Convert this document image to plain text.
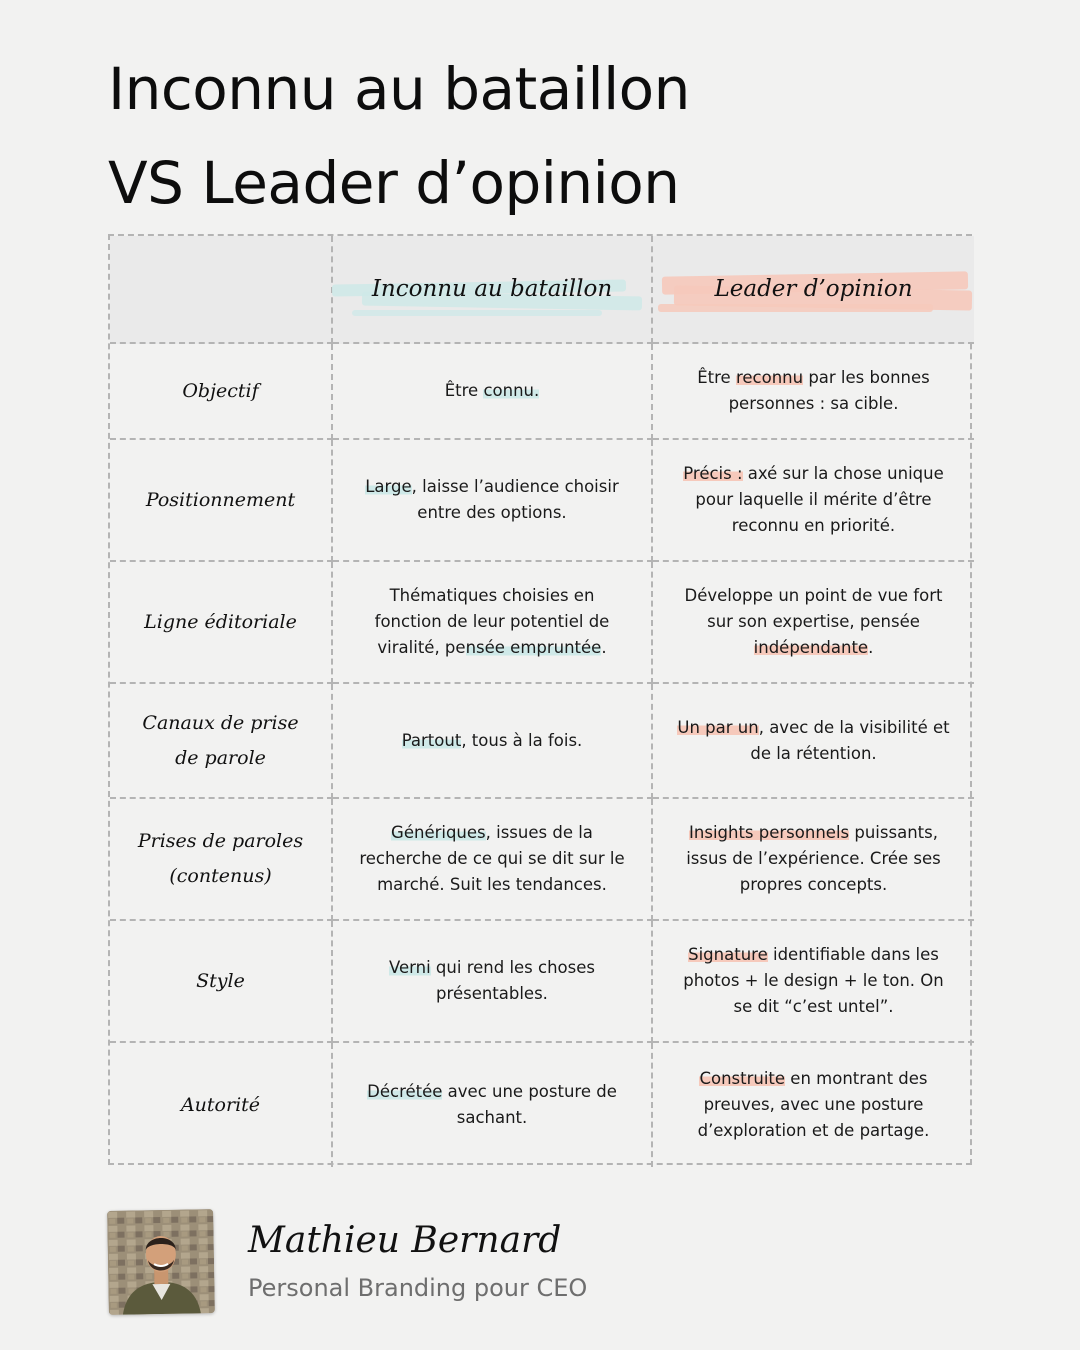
Inconnu au bataillon
VS Leader d’opinion
Inconnu au bataillon	Leader d’opinion
Objectif	Être connu.
Être reconnu par les bonnes personnes : sa cible.
Positionnement
Large, laisse l’audience choisir entre des options.
Précis : axé sur la chose unique pour laquelle il mérite d’être reconnu en priorité.
Ligne éditoriale
Thématiques choisies en fonction de leur potentiel de viralité, pensée empruntée.
Développe un point de vue fort sur son expertise, pensée indépendante.
Canaux de prise de parole
Partout, tous à la fois.
Un par un, avec de la visibilité et de la rétention.
Prises de paroles (contenus)
Génériques, issues de la recherche de ce qui se dit sur le marché. Suit les tendances.
Insights personnels puissants, issus de l’expérience. Crée ses propres concepts.
Style
Verni qui rend les choses présentables.
Signature identifiable dans les photos + le design + le ton. On se dit “c’est untel”.
Autorité
Décrétée avec une posture de sachant.
Construite en montrant des preuves, avec une posture d’exploration et de partage.
Mathieu Bernard
Personal Branding pour CEO
